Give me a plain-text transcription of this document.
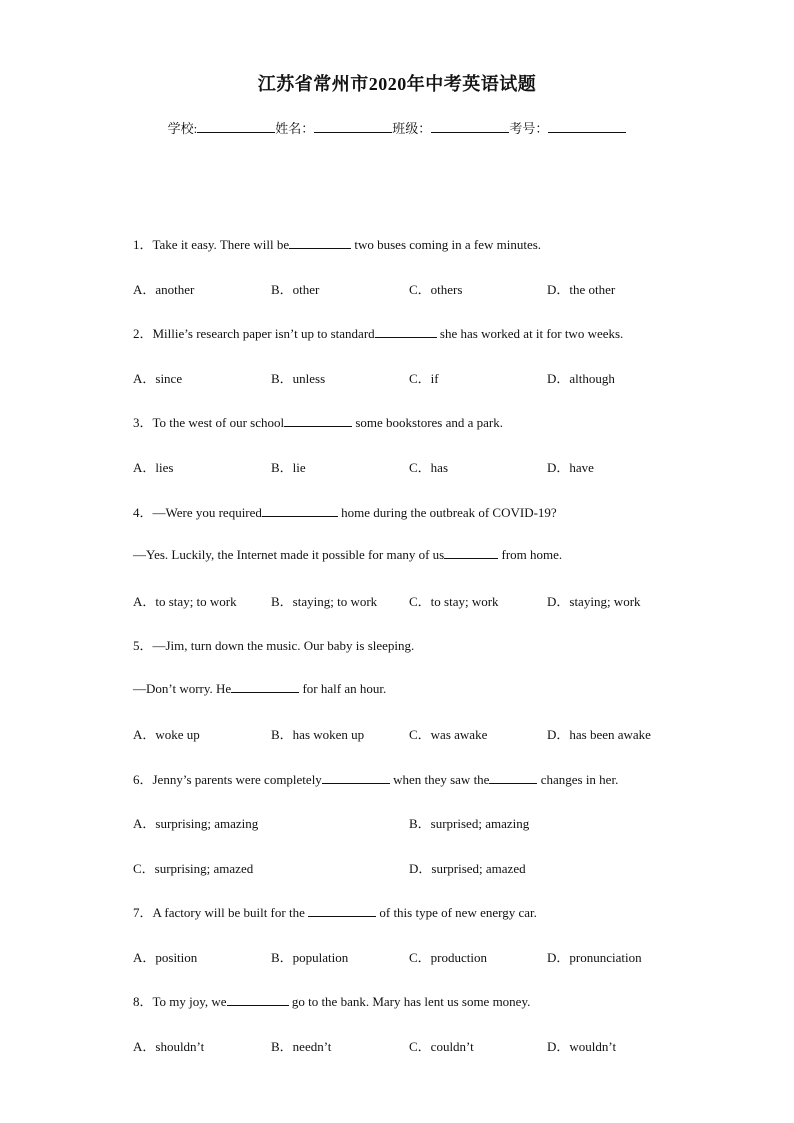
江苏省常州市2020年中考英语试题
学校:	姓名：	班级：	考号：
1．Take it easy. There will be	two buses coming in a few minutes.
A．another	B．other	C．others	D．the other
2．Millie’s research paper isn’t up to standard	she has worked at it for two weeks.
A．since	B．unless	C．if	D．although
3．To the west of our school	some bookstores and a park.
A．lies	B．lie	C．has	D．have
4．—Were you required	home during the outbreak of COVID-19?
—Yes. Luckily, the Internet made it possible for many of us	from home.
A．to stay; to work	B．staying; to work C．to stay; work	D．staying; work
5．—Jim, turn down the music. Our baby is sleeping.
—Don’t worry. He	for half an hour.
A．woke up	B．has woken up	C．was awake	D．has been awake
6．Jenny’s parents were completely	when they saw the	changes in her.
A．surprising; amazing	B．surprised; amazing
C．surprising; amazed	D．surprised; amazed
7．A factory will be built for the	of this type of new energy car.
A．position	B．population	C．production	D．pronunciation
8．To my joy, we	go to the bank. Mary has lent us some money.
A．shouldn’t	B．needn’t	C．couldn’t	D．wouldn’t
